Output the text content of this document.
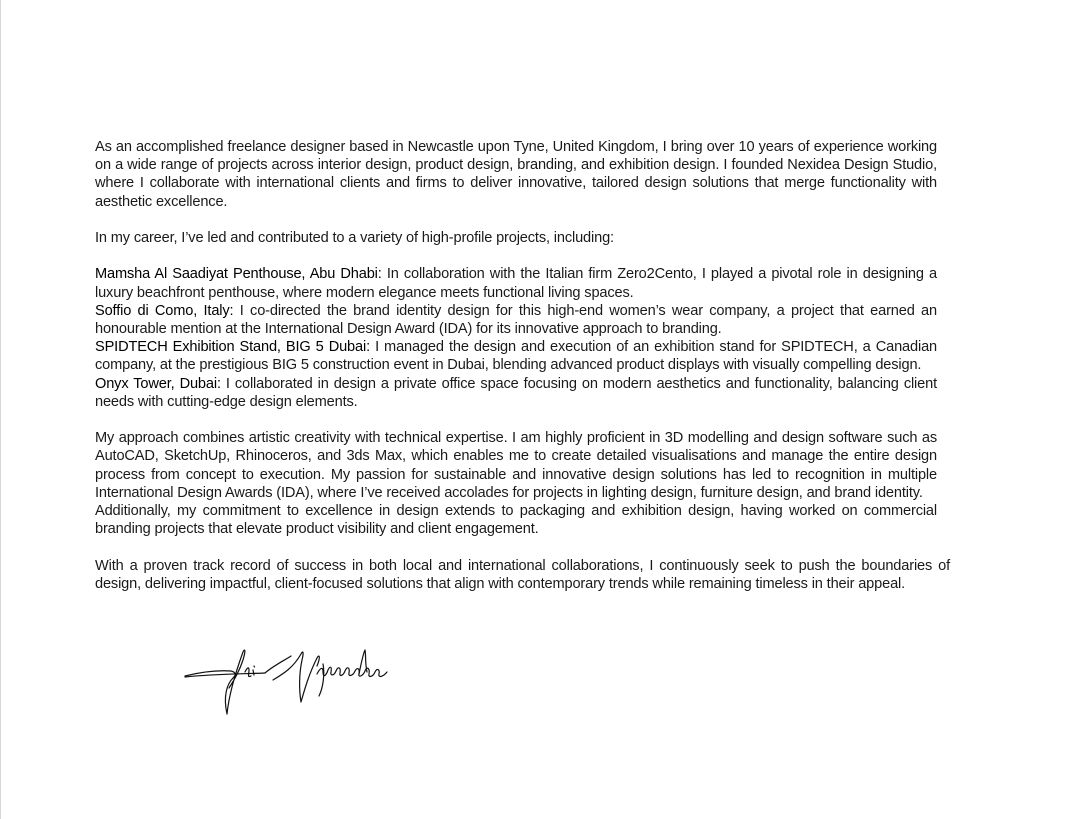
As an accomplished freelance designer based in Newcastle upon Tyne, United Kingdom, I bring over 10 years of experience working on a wide range of projects across interior design, product design, branding, and exhibition design. I founded Nexidea Design Studio, where I collaborate with international clients and firms to deliver innovative, tailored design solutions that merge functionality with aesthetic excellence.

In my career, I’ve led and contributed to a variety of high-profile projects, including:

Mamsha Al Saadiyat Penthouse, Abu Dhabi: In collaboration with the Italian firm Zero2Cento, I played a pivotal role in designing a luxury beachfront penthouse, where modern elegance meets functional living spaces.

Soffio di Como, Italy: I co-directed the brand identity design for this high-end women’s wear company, a project that earned an honourable mention at the International Design Award (IDA) for its innovative approach to branding.

SPIDTECH Exhibition Stand, BIG 5 Dubai: I managed the design and execution of an exhibition stand for SPIDTECH, a Canadian company, at the prestigious BIG 5 construction event in Dubai, blending advanced product displays with visually compelling design.

Onyx Tower, Dubai: I collaborated in design a private office space focusing on modern aesthetics and functionality, balancing client needs with cutting-edge design elements.

My approach combines artistic creativity with technical expertise. I am highly proficient in 3D modelling and design software such as AutoCAD, SketchUp, Rhinoceros, and 3ds Max, which enables me to create detailed visualisations and manage the entire design process from concept to execution. My passion for sustainable and innovative design solutions has led to recognition in multiple International Design Awards (IDA), where I’ve received accolades for projects in lighting design, furniture design, and brand identity.

Additionally, my commitment to excellence in design extends to packaging and exhibition design, having worked on commercial branding projects that elevate product visibility and client engagement.

With a proven track record of success in both local and international collaborations, I continuously seek to push the boundaries of design, delivering impactful, client-focused solutions that align with contemporary trends while remaining timeless in their appeal.
